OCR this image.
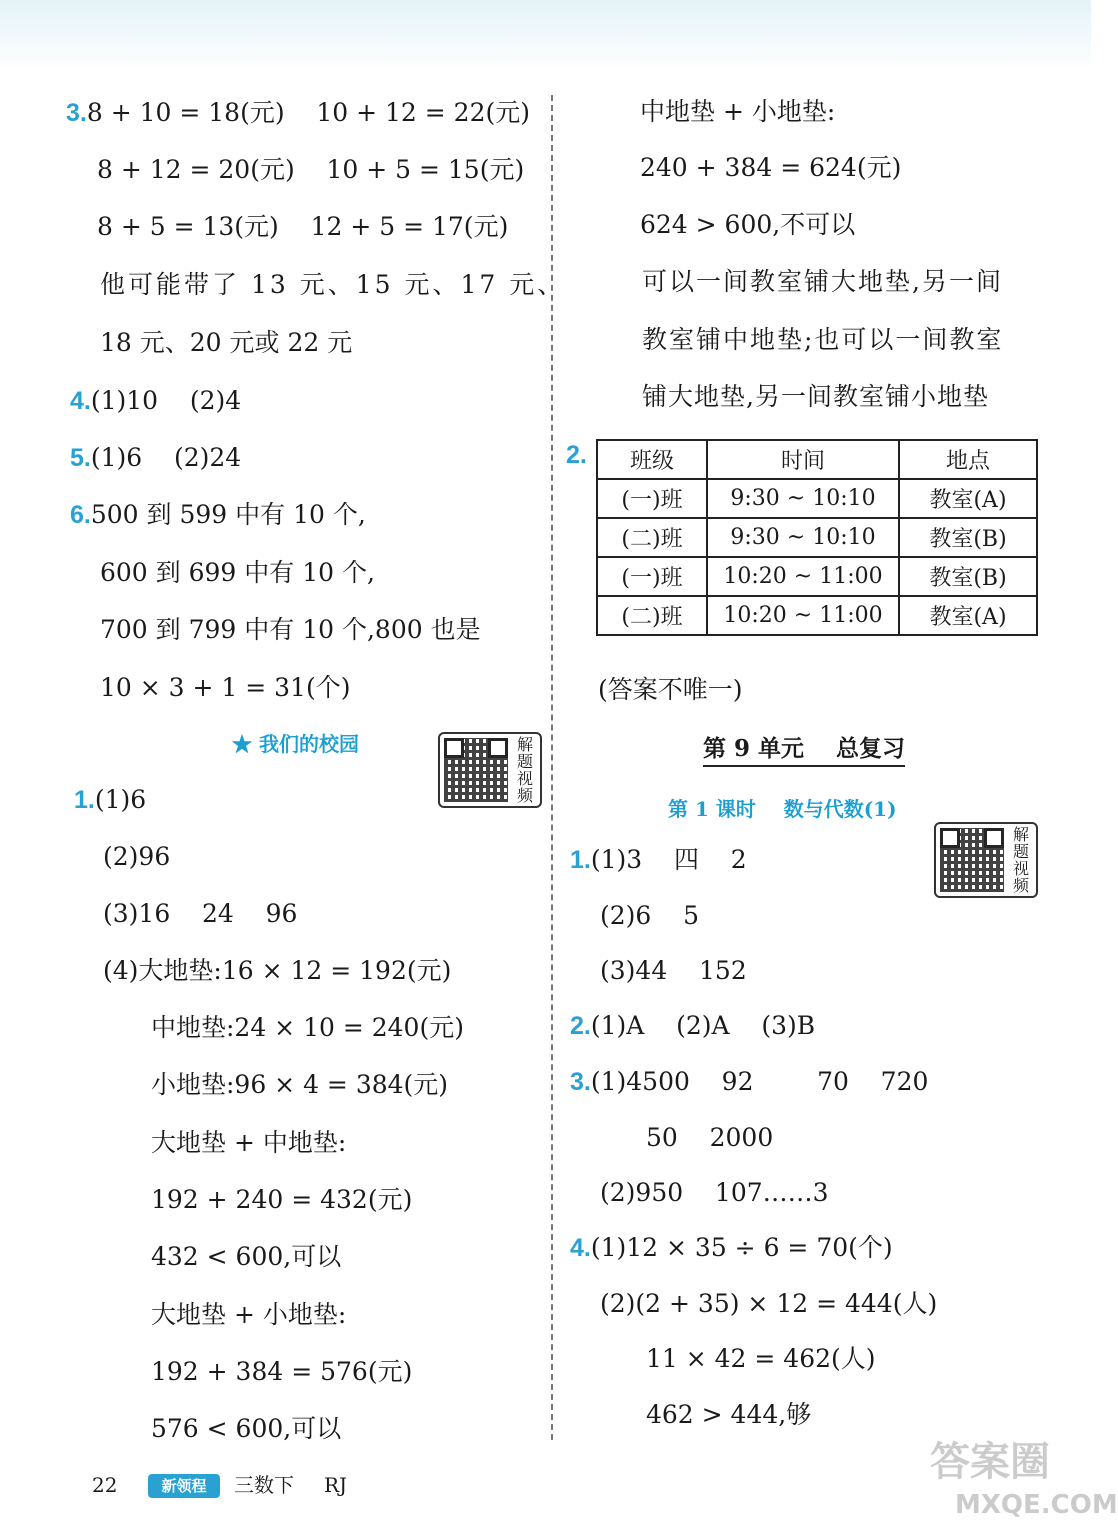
3.8 + 10 = 18(元)    10 + 12 = 22(元)
8 + 12 = 20(元)    10 + 5 = 15(元)
8 + 5 = 13(元)    12 + 5 = 17(元)
他可能带了 13 元、15 元、17 元、
18 元、20 元或 22 元
4.(1)10    (2)4
5.(1)6    (2)24
6.500 到 599 中有 10 个,
600 到 699 中有 10 个,
700 到 799 中有 10 个,800 也是
10 × 3 + 1 = 31(个)
★ 我们的校园	解题视频
1.(1)6
(2)96
(3)16    24    96
(4)大地垫:16 × 12 = 192(元)
中地垫:24 × 10 = 240(元)
小地垫:96 × 4 = 384(元)
大地垫 + 中地垫:
192 + 240 = 432(元)
432 < 600,可以
大地垫 + 小地垫:
192 + 384 = 576(元)
576 < 600,可以
中地垫 + 小地垫:
240 + 384 = 624(元)
624 > 600,不可以
可以一间教室铺大地垫,另一间
教室铺中地垫;也可以一间教室
铺大地垫,另一间教室铺小地垫
2. 班级	时间	地点
(一)班	9:30 ~ 10:10	教室(A)
(二)班	9:30 ~ 10:10	教室(B)
(一)班	10:20 ~ 11:00	教室(B)
(二)班	10:20 ~ 11:00	教室(A)
(答案不唯一)
第 9 单元    总复习
第 1 课时    数与代数(1)
解题视频
1.(1)3    四    2
(2)6    5
(3)44    152
2.(1)A    (2)A    (3)B
3.(1)4500    92        70    720
50    2000
(2)950    107……3
4.(1)12 × 35 ÷ 6 = 70(个)
(2)(2 + 35) × 12 = 444(人)
11 × 42 = 462(人)
462 > 444,够
22	新领程	三数下 RJ	答案圈
MXQE.COM
